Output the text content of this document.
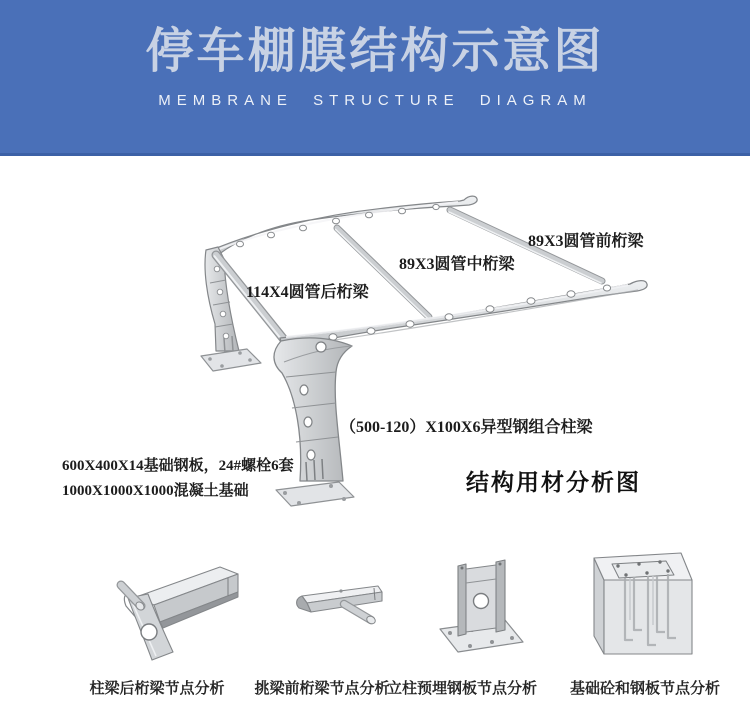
停车棚膜结构示意图

MEMBRANE STRUCTURE DIAGRAM

89X3圆管前桁梁
89X3圆管中桁梁
114X4圆管后桁梁
（500-120）X100X6异型钢组合柱梁
600X400X14基础钢板，24#螺栓6套
1000X1000X1000混凝土基础	结构用材分析图
柱梁后桁梁节点分析 挑梁前桁梁节点分析
立柱预埋钢板节点分析 基础砼和钢板节点分析
